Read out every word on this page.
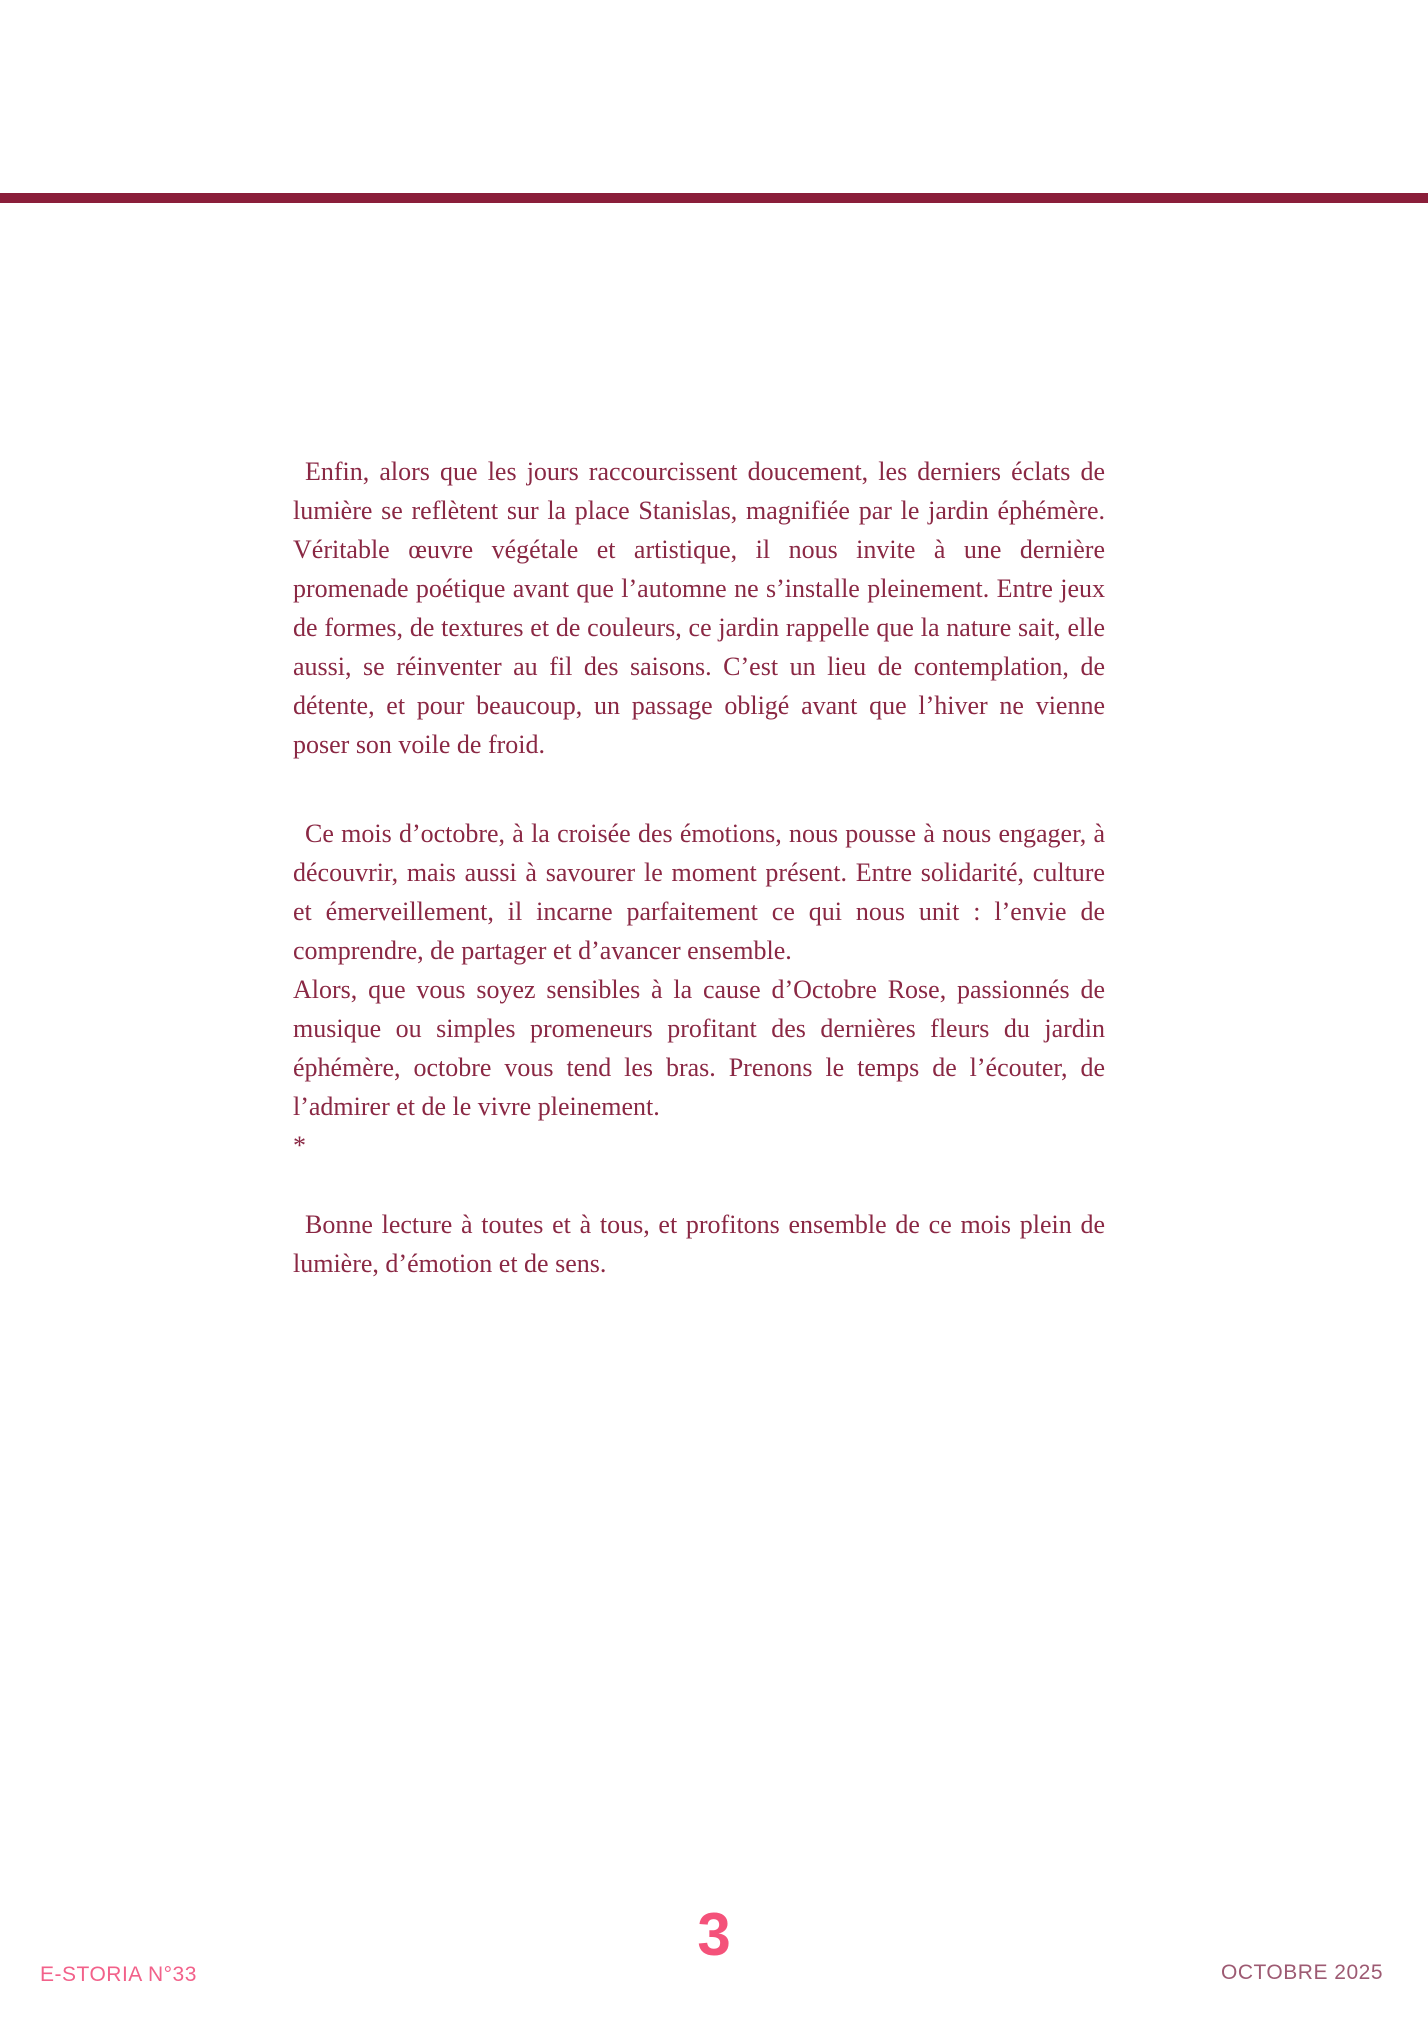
Enfin, alors que les jours raccourcissent doucement, les derniers éclats de lumière se reflètent sur la place Stanislas, magnifiée par le jardin éphémère. Véritable œuvre végétale et artistique, il nous invite à une dernière promenade poétique avant que l’automne ne s’installe pleinement. Entre jeux de formes, de textures et de couleurs, ce jardin rappelle que la nature sait, elle aussi, se réinventer au fil des saisons. C’est un lieu de contemplation, de détente, et pour beaucoup, un passage obligé avant que l’hiver ne vienne poser son voile de froid.

Ce mois d’octobre, à la croisée des émotions, nous pousse à nous engager, à découvrir, mais aussi à savourer le moment présent. Entre solidarité, culture et émerveillement, il incarne parfaitement ce qui nous unit : l’envie de comprendre, de partager et d’avancer ensemble.

Alors, que vous soyez sensibles à la cause d’Octobre Rose, passionnés de musique ou simples promeneurs profitant des dernières fleurs du jardin éphémère, octobre vous tend les bras. Prenons le temps de l’écouter, de l’admirer et de le vivre pleinement.

*

Bonne lecture à toutes et à tous, et profitons ensemble de ce mois plein de lumière, d’émotion et de sens.

E-STORIA N°33
3
OCTOBRE 2025
